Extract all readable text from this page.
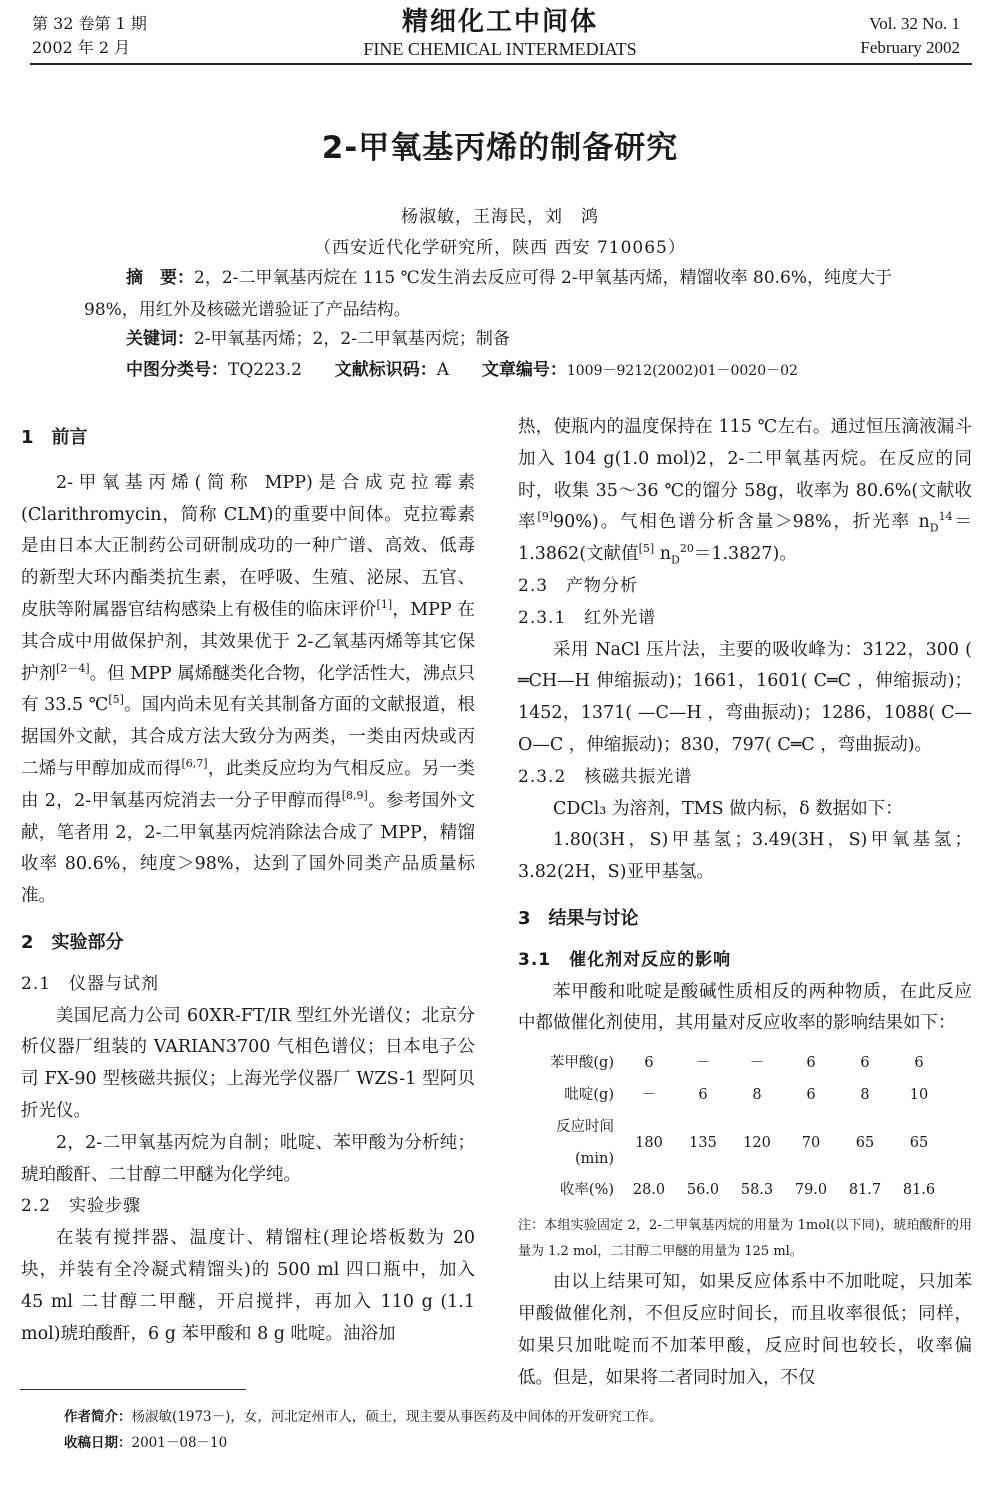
第 32 卷第 1 期
2002 年 2 月
精细化工中间体
FINE CHEMICAL INTERMEDIATS
Vol. 32 No. 1
February 2002
2-甲氧基丙烯的制备研究
杨淑敏，王海民，刘　鸿
（西安近代化学研究所，陕西 西安 710065）
摘　要：2，2-二甲氧基丙烷在 115 ℃发生消去反应可得 2-甲氧基丙烯，精馏收率 80.6%，纯度大于 98%，用红外及核磁光谱验证了产品结构。
关键词：2-甲氧基丙烯；2，2-二甲氧基丙烷；制备
中图分类号：TQ223.2 文献标识码：A 文章编号：1009－9212(2002)01－0020－02
1　前言

2-甲氧基丙烯(简称 MPP)是合成克拉霉素(Clarithromycin，简称 CLM)的重要中间体。克拉霉素是由日本大正制药公司研制成功的一种广谱、高效、低毒的新型大环内酯类抗生素，在呼吸、生殖、泌尿、五官、皮肤等附属器官结构感染上有极佳的临床评价[1]，MPP 在其合成中用做保护剂，其效果优于 2-乙氧基丙烯等其它保护剂[2－4]。但 MPP 属烯醚类化合物，化学活性大，沸点只有 33.5 ℃[5]。国内尚未见有关其制备方面的文献报道，根据国外文献，其合成方法大致分为两类，一类由丙炔或丙二烯与甲醇加成而得[6,7]，此类反应均为气相反应。另一类由 2，2-甲氧基丙烷消去一分子甲醇而得[8,9]。参考国外文献，笔者用 2，2-二甲氧基丙烷消除法合成了 MPP，精馏收率 80.6%，纯度＞98%，达到了国外同类产品质量标准。

2　实验部分
2.1　仪器与试剂

美国尼高力公司 60XR-FT/IR 型红外光谱仪；北京分析仪器厂组装的 VARIAN3700 气相色谱仪；日本电子公司 FX-90 型核磁共振仪；上海光学仪器厂 WZS-1 型阿贝折光仪。

2，2-二甲氧基丙烷为自制；吡啶、苯甲酸为分析纯；琥珀酸酐、二甘醇二甲醚为化学纯。

2.2　实验步骤

在装有搅拌器、温度计、精馏柱(理论塔板数为 20 块，并装有全冷凝式精馏头)的 500 ml 四口瓶中，加入 45 ml 二甘醇二甲醚，开启搅拌，再加入 110 g (1.1 mol)琥珀酸酐，6 g 苯甲酸和 8 g 吡啶。油浴加

热，使瓶内的温度保持在 115 ℃左右。通过恒压滴液漏斗加入 104 g(1.0 mol)2，2-二甲氧基丙烷。在反应的同时，收集 35～36 ℃的馏分 58g，收率为 80.6%(文献收率[9]90%)。气相色谱分析含量＞98%，折光率 $n_D^{14}=1.3862$(文献值[5] $n_D^{20}=1.3827$)。

2.3　产物分析
2.3.1　红外光谱

采用 NaCl 压片法，主要的吸收峰为：3122，300 ( ═CH—H 伸缩振动)；1661，1601( C═C ，伸缩振动)；1452，1371( —C—H ，弯曲振动)；1286，1088( C—O—C ，伸缩振动)；830，797( C═C ，弯曲振动)。

2.3.2　核磁共振光谱

CDCl₃ 为溶剂，TMS 做内标，δ 数据如下：

1.80(3H，S)甲基氢；3.49(3H，S)甲氧基氢；3.82(2H，S)亚甲基氢。

3　结果与讨论
3.1　催化剂对反应的影响

苯甲酸和吡啶是酸碱性质相反的两种物质，在此反应中都做催化剂使用，其用量对反应收率的影响结果如下：

苯甲酸(g)	6	－	－	6	6	6
吡啶(g)	－	6	8	6	8	10
反应时间(min)	180	135	120	70	65	65
收率(%)	28.0	56.0	58.3	79.0	81.7	81.6
注：本组实验固定 2，2-二甲氧基丙烷的用量为 1mol(以下同)，琥珀酸酐的用量为 1.2 mol，二甘醇二甲醚的用量为 125 ml。

由以上结果可知，如果反应体系中不加吡啶，只加苯甲酸做催化剂，不但反应时间长，而且收率很低；同样，如果只加吡啶而不加苯甲酸，反应时间也较长，收率偏低。但是，如果将二者同时加入，不仅

作者简介：杨淑敏(1973－)，女，河北定州市人，硕士，现主要从事医药及中间体的开发研究工作。
收稿日期：2001－08－10
